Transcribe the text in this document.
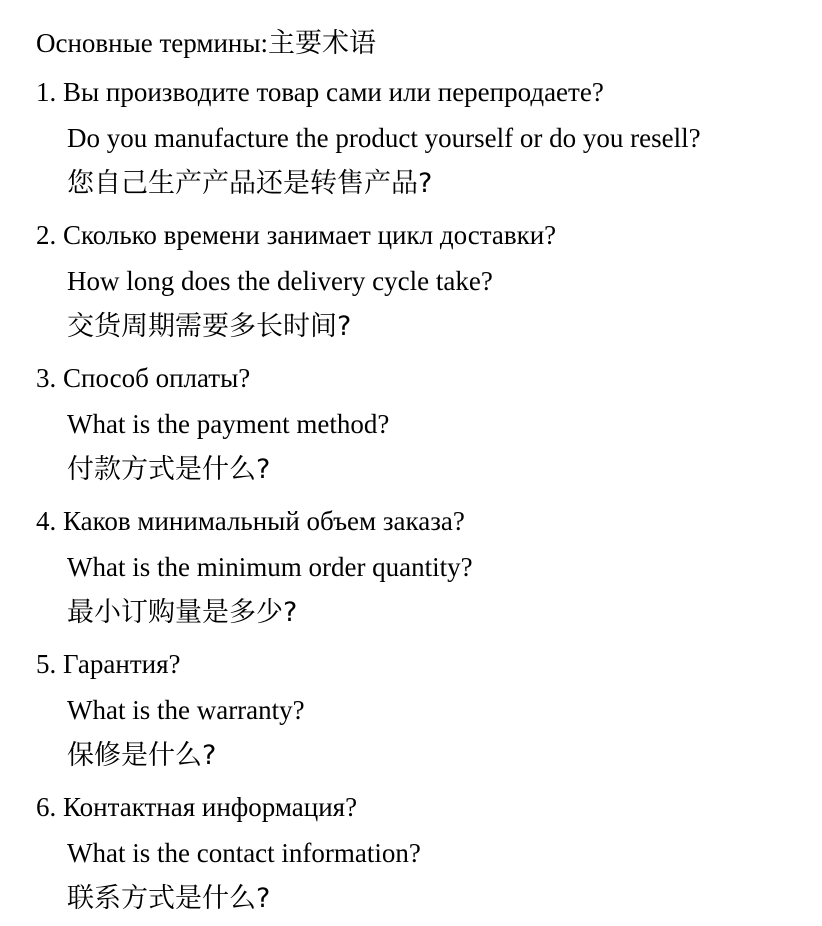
Основные термины:主要术语
1. Вы производите товар сами или перепродаете?
Do you manufacture the product yourself or do you resell?
您自己生产产品还是转售产品?
2. Сколько времени занимает цикл доставки?
How long does the delivery cycle take?
交货周期需要多长时间?
3. Способ оплаты?
What is the payment method?
付款方式是什么?
4. Каков минимальный объем заказа?
What is the minimum order quantity?
最小订购量是多少?
5. Гарантия?
What is the warranty?
保修是什么?
6. Контактная информация?
What is the contact information?
联系方式是什么?
